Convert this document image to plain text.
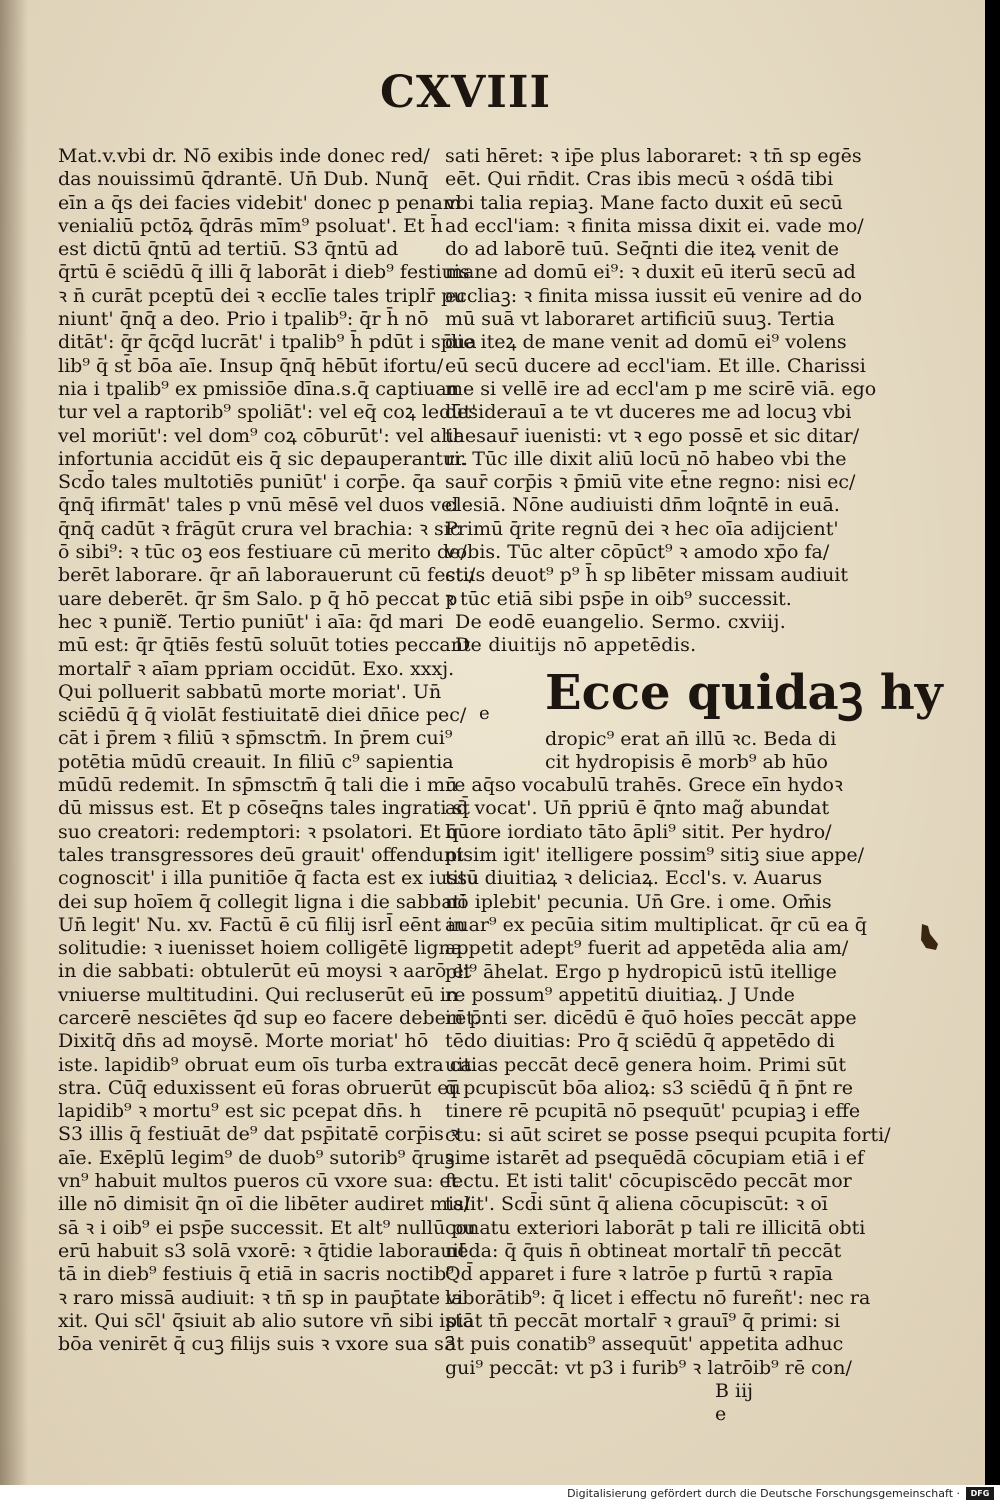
CXVIII
Mat.v.vbi dr. Nō exibis inde donec red/
das nouissimū q̄drantē. Un̄ Dub. Nunq̄
eīn a q̄s dei facies videbit' donec p penam
venialiū pctōꝝ q̄drās mīm⁹ psoluat'. Et h̄
est dictū q̄ntū ad tertiū. S3 q̄ntū ad
q̄rtū ē sciēdū q̄ illi q̄ laborāt i dieb⁹ festiuis
ꝛ n̄ curāt pceptū dei ꝛ ecclīe tales triplr̄ pu
niunt' q̄nq̄ a deo. Prio i tpalib⁹: q̄r h̄ nō
ditāt': q̄r q̄cq̄d lucrāt' i tpalib⁹ h̄ pdūt i sp̄ua
lib⁹ q̄ st̄ bōa aīe. Insup q̄nq̄ hēbūt ifortu/
nia i tpalib⁹ ex pmissiōe dīna.s.q̄ captiuan
tur vel a raptorib⁹ spoliāt': vel eq̄ coꝝ ledūt'
vel moriūt': vel dom⁹ coꝝ cōburūt': vel alia
infortunia accidūt eis q̄ sic depauperantur.
Scd̄o tales multotiēs puniūt' i corp̄e. q̄a
q̄nq̄ ifirmāt' tales p vnū mēsē vel duos vel
q̄nq̄ cadūt ꝛ frāgūt crura vel brachia: ꝛ sic
ō sibi⁹: ꝛ tūc oꝫ eos festiuare cū merito de/
berēt laborare. q̄r an̄ laborauerunt cū festi/
uare deberēt. q̄r s̄m Salo. p q̄ hō peccat p
hec ꝛ punieᷓ. Tertio puniūt' i aīa: q̄d mari
mū est: q̄r q̄tiēs festū soluūt toties peccant
mortalr̄ ꝛ aīam ppriam occidūt. Exo. xxxj.
Qui polluerit sabbatū morte moriat'. Un̄
sciēdū q̄ q̄ violāt festiuitatē diei dn̄ice pec/
cāt i p̄rem ꝛ filiū ꝛ sp̄msctm̄. In p̄rem cui⁹
potētia mūdū creauit. In filiū c⁹ sapientia
mūdū redemit. In sp̄msctm̄ q̄ tali die i mū
dū missus est. Et p cōseq̄ns tales ingrati st̄
suo creatori: redemptori: ꝛ psolatori. Et q̄
tales transgressores deū grauit' offendunt
cognoscit' i illa punitiōe q̄ facta est ex iussu
dei sup hoīem q̄ collegit ligna i die sabbati
Un̄ legit' Nu. xv. Factū ē cū filij isrl̄ eēnt in
solitudie: ꝛ iuenisset hoiem colligētē ligna
in die sabbati: obtulerūt eū moysi ꝛ aarō et
vniuerse multitudini. Qui recluserūt eū in
carcerē nesciētes q̄d sup eo facere deberēt.
Dixitq̄ dn̄s ad moysē. Morte moriat' hō
iste. lapidib⁹ obruat eum oīs turba extra ca
stra. Cūq̄ eduxissent eū foras obruerūt eū
lapidib⁹ ꝛ mortu⁹ est sic pcepat dn̄s. h
S3 illis q̄ festiuāt de⁹ dat psp̄itatē corp̄is ꝛ
aīe. Exēplū legim⁹ de duob⁹ sutorib⁹ q̄ruꝫ
vn⁹ habuit multos pueros cū vxore sua: et
ille nō dimisit q̄n oī die libēter audiret mis/
sā ꝛ i oib⁹ ei psp̄e successit. Et alt⁹ nullū pu
erū habuit s3 solā vxorē: ꝛ q̄tidie laborauit
tā in dieb⁹ festiuis q̄ etiā in sacris noctib⁹
ꝛ raro missā audiuit: ꝛ tn̄ sp in paup̄tate vi
xit. Qui sc̄l' q̄siuit ab alio sutore vn̄ sibi ista
bōa venirēt q̄ cuꝫ filijs suis ꝛ vxore sua s3
sati hēret: ꝛ ip̄e plus laboraret: ꝛ tn̄ sp egēs
eēt. Qui rn̄dit. Cras ibis mecū ꝛ ośdā tibi
vbi talia repiaꝫ. Mane facto duxit eū secū
ad eccl'iam: ꝛ finita missa dixit ei. vade mo/
do ad laborē tuū. Seq̄nti die iteꝝ venit de
mane ad domū ei⁹: ꝛ duxit eū iterū secū ad
eccliaꝫ: ꝛ finita missa iussit eū venire ad do
mū suā vt laboraret artificiū suuꝫ. Tertia
die iteꝝ de mane venit ad domū ei⁹ volens
eū secū ducere ad eccl'iam. Et ille. Charissi
me si vellē ire ad eccl'am p me scirē viā. ego
desiderauī a te vt duceres me ad locuꝫ vbi
thesaur̄ iuenisti: vt ꝛ ego possē et sic ditar/
ri. Tūc ille dixit aliū locū nō habeo vbi the
saur̄ corp̄is ꝛ p̄miū vite et̄ne regno: nisi ec/
clesiā. Nōne audiuisti dn̄m loq̄ntē in euā.
Primū q̄rite regnū dei ꝛ hec oīa adijcient'
vobis. Tūc alter cōpūct⁹ ꝛ amodo xp̄o fa/
ctus deuot⁹ p⁹ h̄ sp libēter missam audiuit
ꝛ tūc etiā sibi psp̄e in oib⁹ successit.
De eodē euangelio. Sermo. cxviij.
De diuitijs nō appetēdis.
Ecce quidaꝫ hy
e
dropic⁹ erat an̄ illū ꝛc. Beda di
cit hydropisis ē morb⁹ ab hūo
re aq̄so vocabulū trahēs. Grece eīn hydoꝛ
aq̄ vocat'. Un̄ ppriū ē q̄nto mag̃ abundat
hūore iordiato tāto āpli⁹ sitit. Per hydro/
pisim igit' itelligere possim⁹ sitiꝫ siue appe/
titū diuitiaꝝ ꝛ deliciaꝝ. Eccl's. v. Auarus
nō iplebit' pecunia. Un̄ Gre. i ome. Om̄is
auar⁹ ex pecūia sitim multiplicat. q̄r cū ea q̄
appetit adept⁹ fuerit ad appetēda alia am/
pli⁹ āhelat. Ergo p hydropicū istū itellige
re possum⁹ appetitū diuitiaꝝ. J Unde
in p̄nti ser. dicēdū ē q̄uō hoīes peccāt appe
tēdo diuitias: Pro q̄ sciēdū q̄ appetēdo di
uitias peccāt decē genera hoim. Primi sūt
q̄ pcupiscūt bōa alioꝝ: s3 sciēdū q̄ n̄ p̄nt re
tinere rē pcupitā nō psequūt' pcupiaꝫ i effe
ctu: si aūt sciret se posse psequi pcupita forti/
sime istarēt ad psequēdā cōcupiam etiā i ef
fectu. Et isti talit' cōcupiscēdo peccāt mor
talit'. Scd̄i sūnt q̄ aliena cōcupiscūt: ꝛ oī
conatu exteriori laborāt p tali re illicitā obti
nēda: q̄ q̄uis n̄ obtineat mortalr̄ tn̄ peccāt
Qd̄ apparet i fure ꝛ latrōe p furtū ꝛ rapīa
laborātib⁹: q̄ licet i effectu nō fureñt': nec ra
piāt tn̄ peccāt mortalr̄ ꝛ grauī⁹ q̄ primi: si
āt puis conatib⁹ assequūt' appetita adhuc
gui⁹ peccāt: vt p3 i furib⁹ ꝛ latrōib⁹ rē con/
B iij
e
Digitalisierung gefördert durch die Deutsche Forschungsgemeinschaft ·	DFG
